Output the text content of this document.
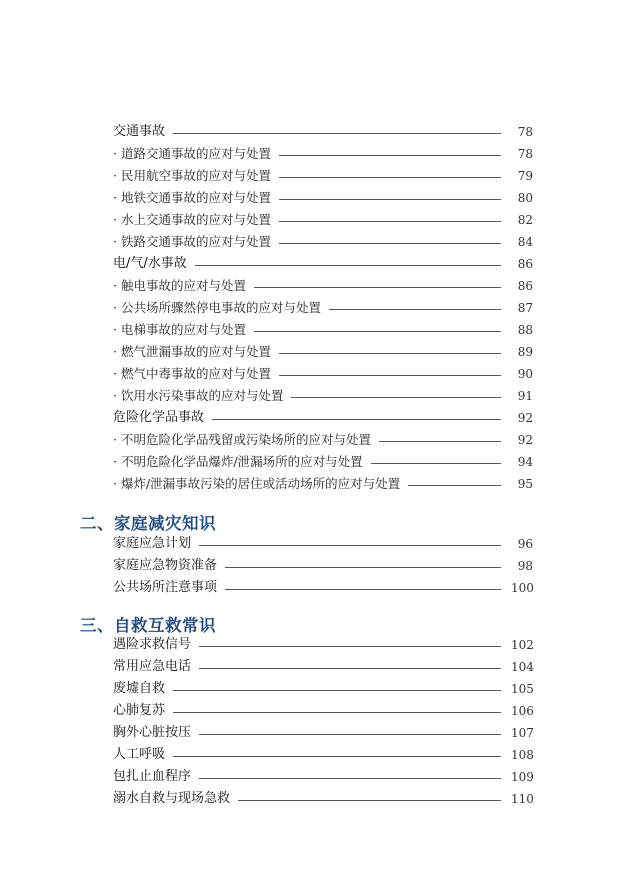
交通事故	78
· 道路交通事故的应对与处置	78
· 民用航空事故的应对与处置	79
· 地铁交通事故的应对与处置	80
· 水上交通事故的应对与处置	82
· 铁路交通事故的应对与处置	84
电/气/水事故	86
· 触电事故的应对与处置	86
· 公共场所骤然停电事故的应对与处置	87
· 电梯事故的应对与处置	88
· 燃气泄漏事故的应对与处置	89
· 燃气中毒事故的应对与处置	90
· 饮用水污染事故的应对与处置	91
危险化学品事故	92
· 不明危险化学品残留或污染场所的应对与处置	92
· 不明危险化学品爆炸/泄漏场所的应对与处置	94
· 爆炸/泄漏事故污染的居住或活动场所的应对与处置	95
二、家庭减灾知识
家庭应急计划	96
家庭应急物资准备	98
公共场所注意事项	100
三、自救互救常识
遇险求救信号	102
常用应急电话	104
废墟自救	105
心肺复苏	106
胸外心脏按压	107
人工呼吸	108
包扎止血程序	109
溺水自救与现场急救	110
